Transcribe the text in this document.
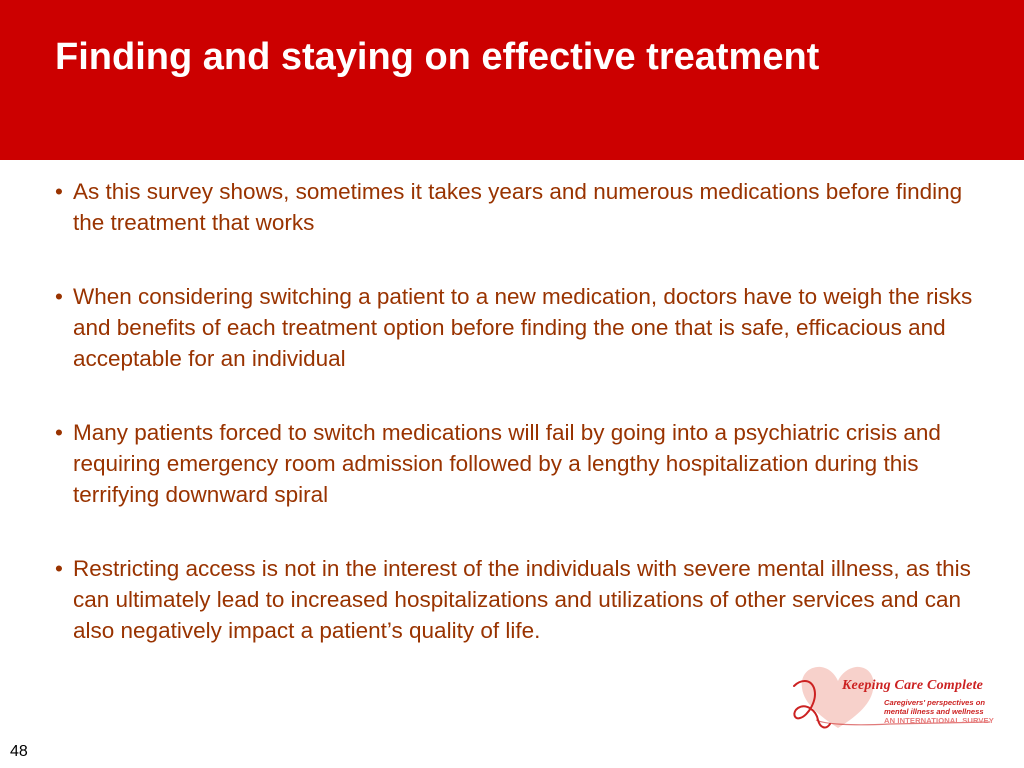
Finding and staying on effective treatment
• As this survey shows, sometimes it takes years and numerous medications before finding the treatment that works
• When considering switching a patient to a new medication, doctors have to weigh the risks and benefits of each treatment option before finding the one that is safe, efficacious and acceptable for an individual
• Many patients forced to switch medications will fail by going into a psychiatric crisis and requiring emergency room admission followed by a lengthy hospitalization during this terrifying downward spiral
• Restricting access is not in the interest of the individuals with severe mental illness, as this can ultimately lead to increased hospitalizations and utilizations of other services and can also negatively impact a patient’s quality of life.
Keeping Care Complete
Caregivers' perspectives on
mental illness and wellness
AN INTERNATIONAL SURVEY
48
